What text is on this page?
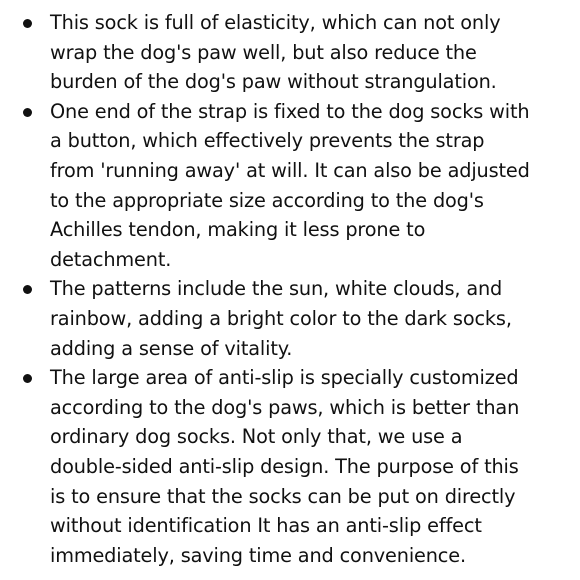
This sock is full of elasticity, which can not only
wrap the dog's paw well, but also reduce the
burden of the dog's paw without strangulation.

One end of the strap is fixed to the dog socks with
a button, which effectively prevents the strap
from 'running away' at will. It can also be adjusted
to the appropriate size according to the dog's
Achilles tendon, making it less prone to
detachment.

The patterns include the sun, white clouds, and
rainbow, adding a bright color to the dark socks,
adding a sense of vitality.

The large area of anti-slip is specially customized
according to the dog's paws, which is better than
ordinary dog socks. Not only that, we use a
double-sided anti-slip design. The purpose of this
is to ensure that the socks can be put on directly
without identification It has an anti-slip effect
immediately, saving time and convenience.
